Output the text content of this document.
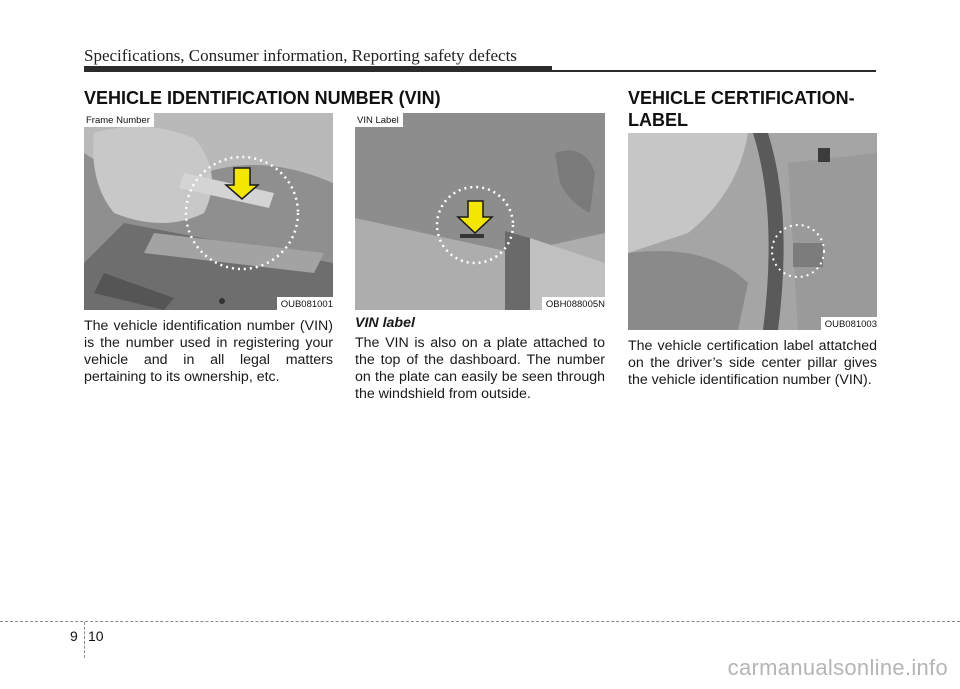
Specifications, Consumer information, Reporting safety defects
VEHICLE IDENTIFICATION NUMBER (VIN)
Frame Number
OUB081001
The vehicle identification number (VIN) is the number used in registering your vehicle and in all legal matters pertaining to its ownership, etc.
VIN Label
OBH088005N
VIN label
The VIN is also on a plate attached to the top of the dashboard. The number on the plate can easily be seen through the windshield from outside.
VEHICLE CERTIFICATION-
LABEL
OUB081003
The vehicle certification label attatched on the driver’s side center pillar gives the vehicle identification number (VIN).
9 10
carmanualsonline.info
